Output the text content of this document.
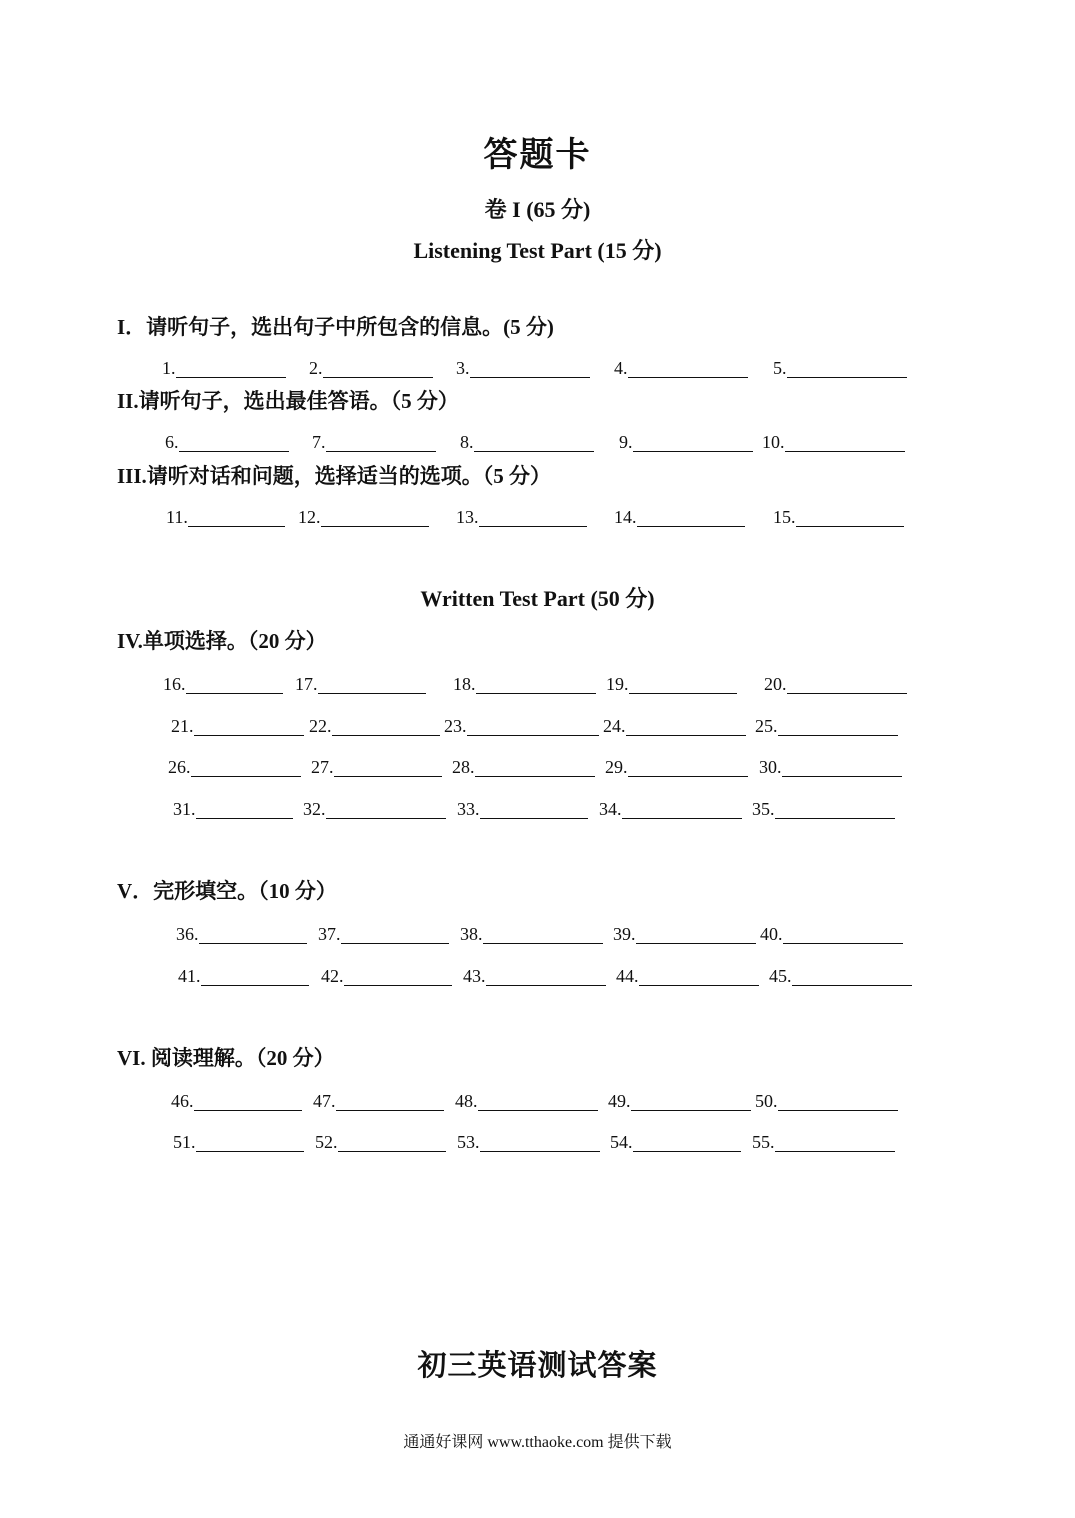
答题卡
卷 I (65 分)
Listening Test Part (15 分)
I．请听句子，选出句子中所包含的信息。(5 分)
1.	2.	3.	4.	5.
II.请听句子，选出最佳答语。（5 分）
6.	7.	8.	9.	10.
III.请听对话和问题，选择适当的选项。（5 分）
11.	12.	13.	14.	15.
Written Test Part (50 分)
IV.单项选择。（20 分）
16.	17.	18.	19.	20.
21.	22.	23.	24.	25.
26.	27.	28.	29.	30.
31.	32.	33.	34.	35.
V．完形填空。（10 分）
36.	37.	38.	39.	40.
41.	42.	43.	44.	45.
VI. 阅读理解。（20 分）
46.	47.	48.	49.	50.
51.	52.	53.	54.	55.
初三英语测试答案
通通好课网 www.tthaoke.com 提供下载
